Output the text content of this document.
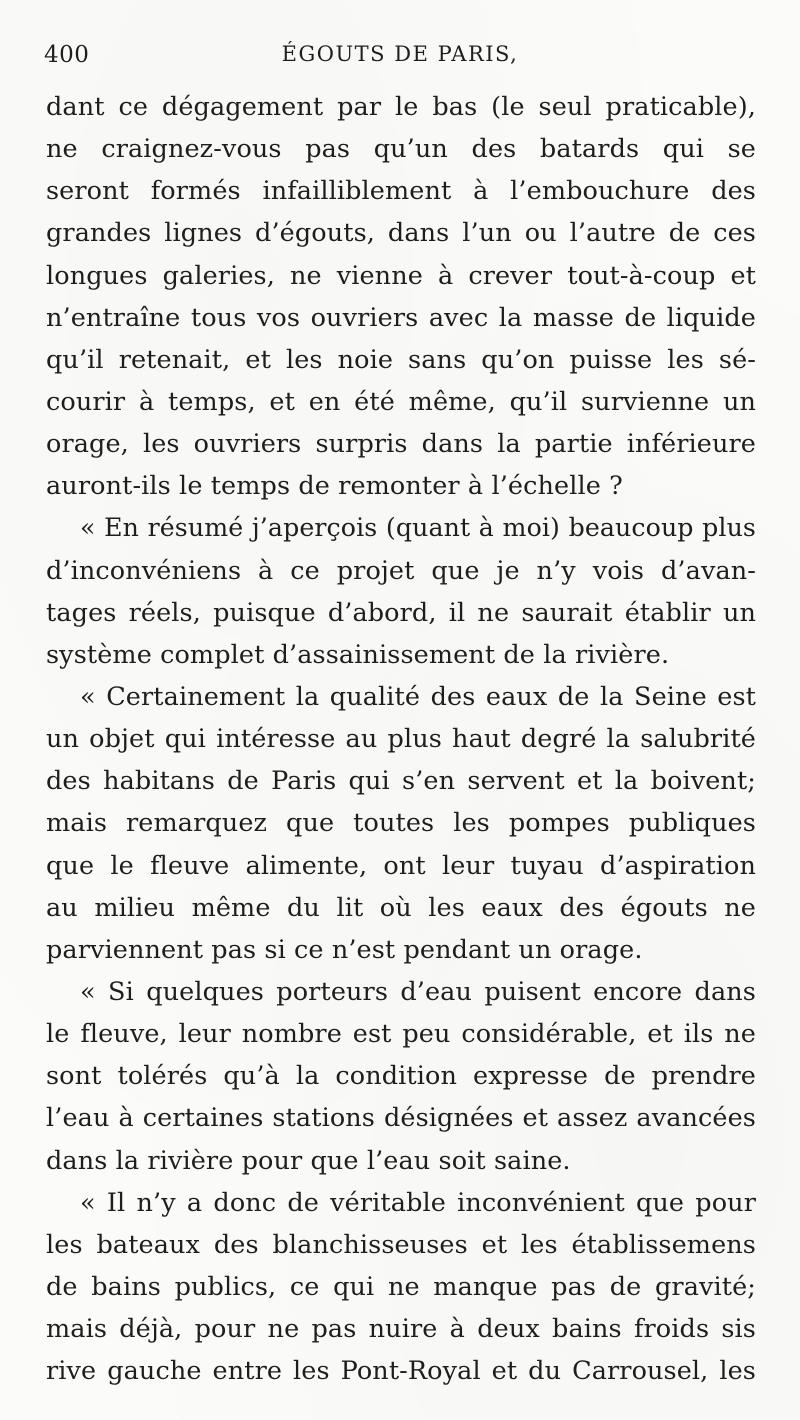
400	ÉGOUTS DE PARIS,
dant ce dégagement par le bas (le seul praticable),
ne craignez-vous pas qu’un des batards qui se
seront formés infailliblement à l’embouchure des
grandes lignes d’égouts, dans l’un ou l’autre de ces
longues galeries, ne vienne à crever tout-à-coup et
n’entraîne tous vos ouvriers avec la masse de liquide
qu’il retenait, et les noie sans qu’on puisse les sé-
courir à temps, et en été même, qu’il survienne un
orage, les ouvriers surpris dans la partie inférieure
auront-ils le temps de remonter à l’échelle ?
« En résumé j’aperçois (quant à moi) beaucoup plus
d’inconvéniens à ce projet que je n’y vois d’avan-
tages réels, puisque d’abord, il ne saurait établir un
système complet d’assainissement de la rivière.
« Certainement la qualité des eaux de la Seine est
un objet qui intéresse au plus haut degré la salubrité
des habitans de Paris qui s’en servent et la boivent;
mais remarquez que toutes les pompes publiques
que le fleuve alimente, ont leur tuyau d’aspiration
au milieu même du lit où les eaux des égouts ne
parviennent pas si ce n’est pendant un orage.
« Si quelques porteurs d’eau puisent encore dans
le fleuve, leur nombre est peu considérable, et ils ne
sont tolérés qu’à la condition expresse de prendre
l’eau à certaines stations désignées et assez avancées
dans la rivière pour que l’eau soit saine.
« Il n’y a donc de véritable inconvénient que pour
les bateaux des blanchisseuses et les établissemens
de bains publics, ce qui ne manque pas de gravité;
mais déjà, pour ne pas nuire à deux bains froids sis
rive gauche entre les Pont-Royal et du Carrousel, les
